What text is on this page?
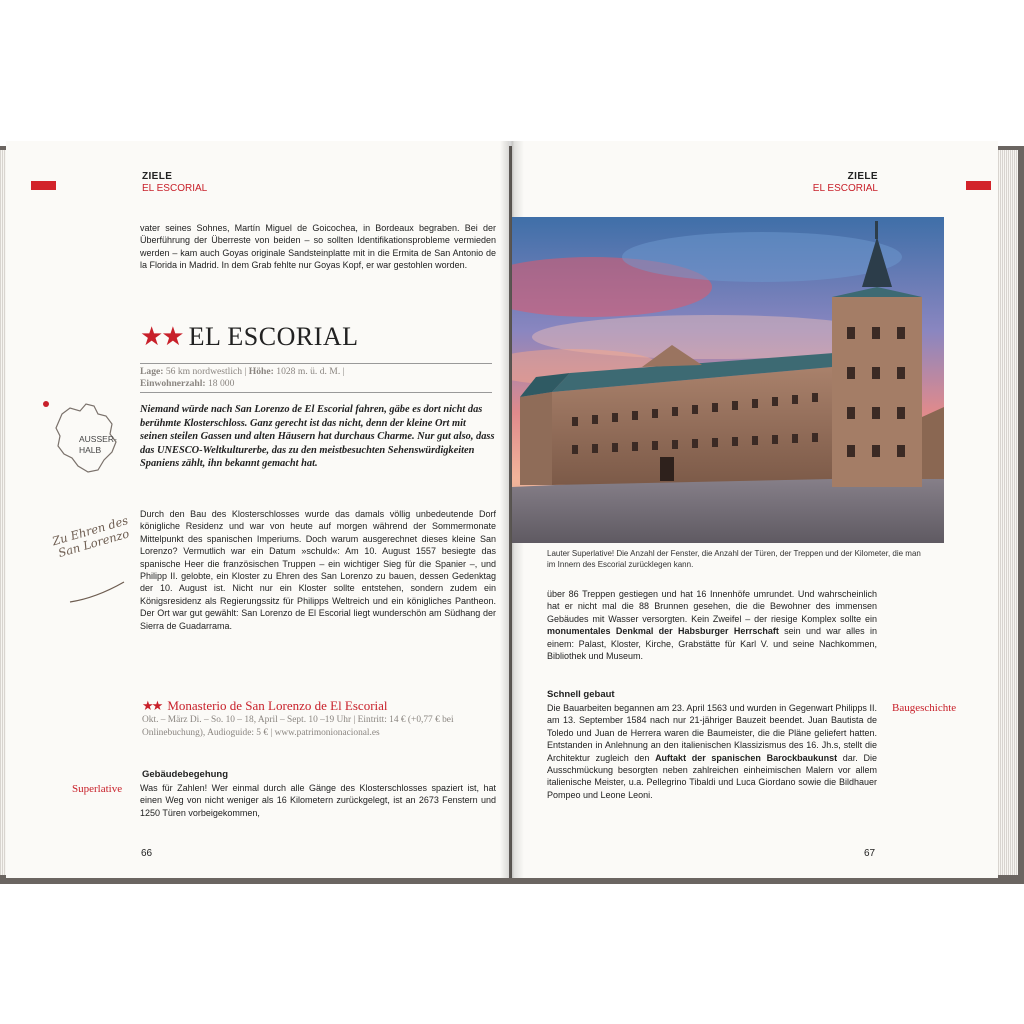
ZIELE
EL ESCORIAL

vater seines Sohnes, Martín Miguel de Goicochea, in Bordeaux begraben. Bei der Überführung der Überreste von beiden – so sollten Identifikationsprobleme vermieden werden – kam auch Goyas originale Sandsteinplatte mit in die Ermita de San Antonio de la Florida in Madrid. In dem Grab fehlte nur Goyas Kopf, er war gestohlen worden.

★★ EL ESCORIAL
Lage: 56 km nordwestlich | Höhe: 1028 m. ü. d. M. |
Einwohnerzahl: 18 000
AUSSER-HALB
Niemand würde nach San Lorenzo de El Escorial fahren, gäbe es dort nicht das berühmte Klosterschloss. Ganz gerecht ist das nicht, denn der kleine Ort mit seinen steilen Gassen und alten Häusern hat durchaus Charme. Nur gut also, dass das UNESCO-Weltkulturerbe, das zu den meistbesuchten Sehenswürdigkeiten Spaniens zählt, ihn bekannt gemacht hat.
Zu Ehren des San Lorenzo

Durch den Bau des Klosterschlosses wurde das damals völlig unbedeutende Dorf königliche Residenz und war von heute auf morgen während der Sommermonate Mittelpunkt des spanischen Imperiums. Doch warum ausgerechnet dieses kleine San Lorenzo? Vermutlich war ein Datum »schuld«: Am 10. August 1557 besiegte das spanische Heer die französischen Truppen – ein wichtiger Sieg für die Spanier –, und Philipp II. gelobte, ein Kloster zu Ehren des San Lorenzo zu bauen, dessen Gedenktag der 10. August ist. Nicht nur ein Kloster sollte entstehen, sondern zudem ein Königsresidenz als Regierungssitz für Philipps Weltreich und ein königliches Pantheon. Der Ort war gut gewählt: San Lorenzo de El Escorial liegt wunderschön am Südhang der Sierra de Guadarrama.

★★ Monasterio de San Lorenzo de El Escorial
Okt. – März Di. – So. 10 – 18, April – Sept. 10 –19 Uhr | Eintritt: 14 € (+0,77 € bei Onlinebuchung), Audioguide: 5 € | www.patrimonionacional.es
Superlative
Gebäudebegehung

Was für Zahlen! Wer einmal durch alle Gänge des Klosterschlosses spaziert ist, hat einen Weg von nicht weniger als 16 Kilometern zurückgelegt, ist an 2673 Fenstern und 1250 Türen vorbeigekommen,

66
ZIELE
EL ESCORIAL
Lauter Superlative! Die Anzahl der Fenster, die Anzahl der Türen, der Treppen und der Kilometer, die man im Innern des Escorial zurücklegen kann.

über 86 Treppen gestiegen und hat 16 Innenhöfe umrundet. Und wahrscheinlich hat er nicht mal die 88 Brunnen gesehen, die die Bewohner des immensen Gebäudes mit Wasser versorgten. Kein Zweifel – der riesige Komplex sollte ein monumentales Denkmal der Habsburger Herrschaft sein und war alles in einem: Palast, Kloster, Kirche, Grabstätte für Karl V. und seine Nachkommen, Bibliothek und Museum.

Schnell gebaut
Baugeschichte

Die Bauarbeiten begannen am 23. April 1563 und wurden in Gegenwart Philipps II. am 13. September 1584 nach nur 21-jähriger Bauzeit beendet. Juan Bautista de Toledo und Juan de Herrera waren die Baumeister, die die Pläne geliefert hatten. Entstanden in Anlehnung an den italienischen Klassizismus des 16. Jh.s, stellt die Architektur zugleich den Auftakt der spanischen Barockbaukunst dar. Die Ausschmückung besorgten neben zahlreichen einheimischen Malern vor allem italienische Meister, u.a. Pellegrino Tibaldi und Luca Giordano sowie die Bildhauer Pompeo und Leone Leoni.

67
